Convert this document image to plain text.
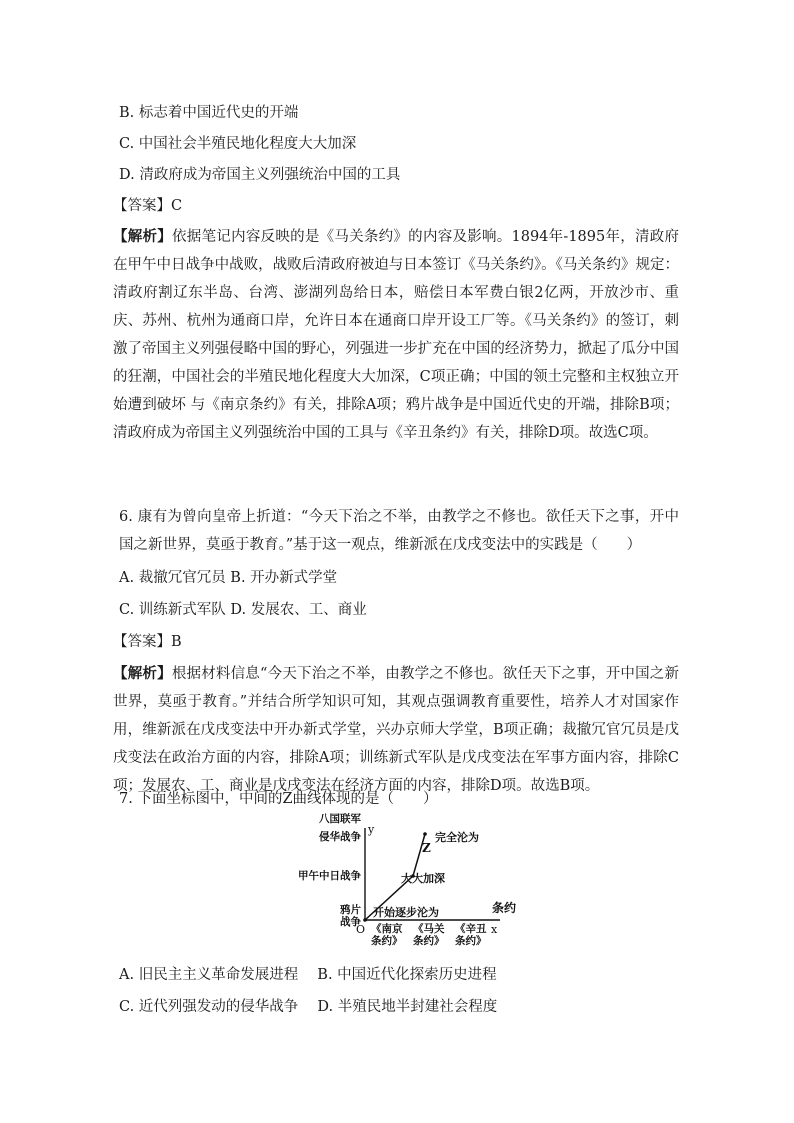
B. 标志着中国近代史的开端
C. 中国社会半殖民地化程度大大加深
D. 清政府成为帝国主义列强统治中国的工具
【答案】C
【解析】依据笔记内容反映的是《马关条约》的内容及影响。1894年-1895年，清政府在甲午中日战争中战败，战败后清政府被迫与日本签订《马关条约》。《马关条约》规定：清政府割辽东半岛、台湾、澎湖列岛给日本，赔偿日本军费白银2亿两，开放沙市、重庆、苏州、杭州为通商口岸，允许日本在通商口岸开设工厂等。《马关条约》的签订，刺激了帝国主义列强侵略中国的野心，列强进一步扩充在中国的经济势力，掀起了瓜分中国的狂潮，中国社会的半殖民地化程度大大加深，C项正确；中国的领土完整和主权独立开始遭到破坏 与《南京条约》有关，排除A项；鸦片战争是中国近代史的开端，排除B项；清政府成为帝国主义列强统治中国的工具与《辛丑条约》有关，排除D项。故选C项。
6. 康有为曾向皇帝上折道：“今天下治之不举，由教学之不修也。欲任天下之事，开中国之新世界，莫亟于教育。”基于这一观点，维新派在戊戌变法中的实践是（　　）
A. 裁撤冗官冗员 B. 开办新式学堂
C. 训练新式军队 D. 发展农、工、商业
【答案】B
【解析】根据材料信息“今天下治之不举，由教学之不修也。欲任天下之事，开中国之新世界，莫亟于教育。”并结合所学知识可知，其观点强调教育重要性，培养人才对国家作用，维新派在戊戌变法中开办新式学堂，兴办京师大学堂，B项正确；裁撤冗官冗员是戊戌变法在政治方面的内容，排除A项；训练新式军队是戊戌变法在军事方面内容，排除C项；发展农、工、商业是戊戌变法在经济方面的内容，排除D项。故选B项。
7. 下面坐标图中，中间的Z曲线体现的是（　　）
y
x
条约
O
Z
开始逐步沦为
大大加深
完全沦为
鸦片
战争
甲午中日战争
八国联军
侵华战争
《南京
条约》
《马关
条约》
《辛丑
条约》
A. 旧民主主义革命发展进程　 B. 中国近代化探索历史进程
C. 近代列强发动的侵华战争　 D. 半殖民地半封建社会程度
